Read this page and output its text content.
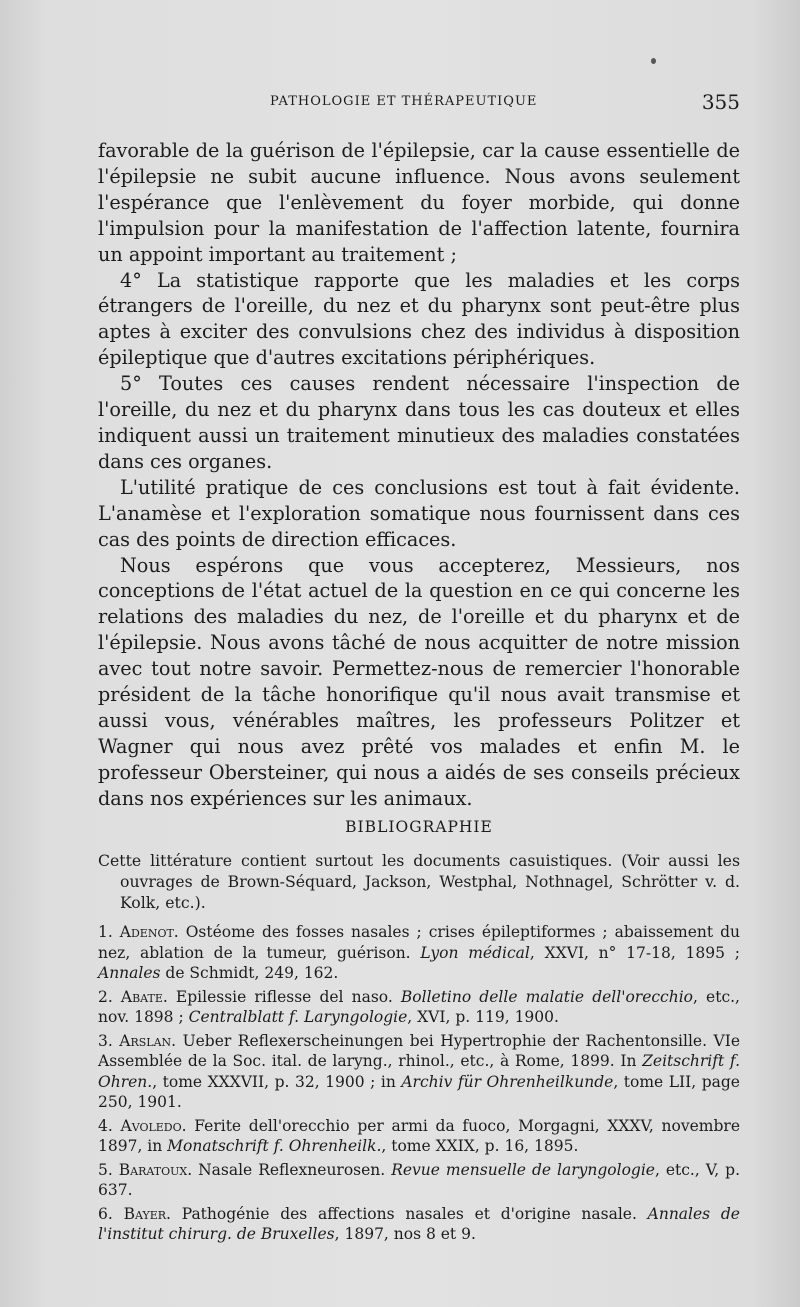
PATHOLOGIE ET THÉRAPEUTIQUE	355

favorable de la guérison de l'épilepsie, car la cause essentielle de l'épilepsie ne subit aucune influence. Nous avons seulement l'espérance que l'enlèvement du foyer morbide, qui donne l'impulsion pour la manifestation de l'affection latente, fournira un appoint important au traitement ;

4° La statistique rapporte que les maladies et les corps étrangers de l'oreille, du nez et du pharynx sont peut-être plus aptes à exciter des convulsions chez des individus à disposition épileptique que d'autres excitations périphériques.

5° Toutes ces causes rendent nécessaire l'inspection de l'oreille, du nez et du pharynx dans tous les cas douteux et elles indiquent aussi un traitement minutieux des maladies constatées dans ces organes.

L'utilité pratique de ces conclusions est tout à fait évidente. L'anamèse et l'exploration somatique nous fournissent dans ces cas des points de direction efficaces.

Nous espérons que vous accepterez, Messieurs, nos conceptions de l'état actuel de la question en ce qui concerne les relations des maladies du nez, de l'oreille et du pharynx et de l'épilepsie. Nous avons tâché de nous acquitter de notre mission avec tout notre savoir. Permettez-nous de remercier l'honorable président de la tâche honorifique qu'il nous avait transmise et aussi vous, vénérables maîtres, les professeurs Politzer et Wagner qui nous avez prêté vos malades et enfin M. le professeur Obersteiner, qui nous a aidés de ses conseils précieux dans nos expériences sur les animaux.

BIBLIOGRAPHIE

Cette littérature contient surtout les documents casuistiques. (Voir aussi les ouvrages de Brown-Séquard, Jackson, Westphal, Nothnagel, Schrötter v. d. Kolk, etc.).

1. Adenot. Ostéome des fosses nasales ; crises épileptiformes ; abaissement du nez, ablation de la tumeur, guérison. Lyon médical, XXVI, n° 17-18, 1895 ; Annales de Schmidt, 249, 162.

2. Abate. Epilessie riflesse del naso. Bolletino delle malatie dell'orecchio, etc., nov. 1898 ; Centralblatt f. Laryngologie, XVI, p. 119, 1900.

3. Arslan. Ueber Reflexerscheinungen bei Hypertrophie der Rachentonsille. VIe Assemblée de la Soc. ital. de laryng., rhinol., etc., à Rome, 1899. In Zeitschrift f. Ohren., tome XXXVII, p. 32, 1900 ; in Archiv für Ohrenheilkunde, tome LII, page 250, 1901.

4. Avoledo. Ferite dell'orecchio per armi da fuoco, Morgagni, XXXV, novembre 1897, in Monatschrift f. Ohrenheilk., tome XXIX, p. 16, 1895.

5. Baratoux. Nasale Reflexneurosen. Revue mensuelle de laryngologie, etc., V, p. 637.

6. Bayer. Pathogénie des affections nasales et d'origine nasale. Annales de l'institut chirurg. de Bruxelles, 1897, nos 8 et 9.
